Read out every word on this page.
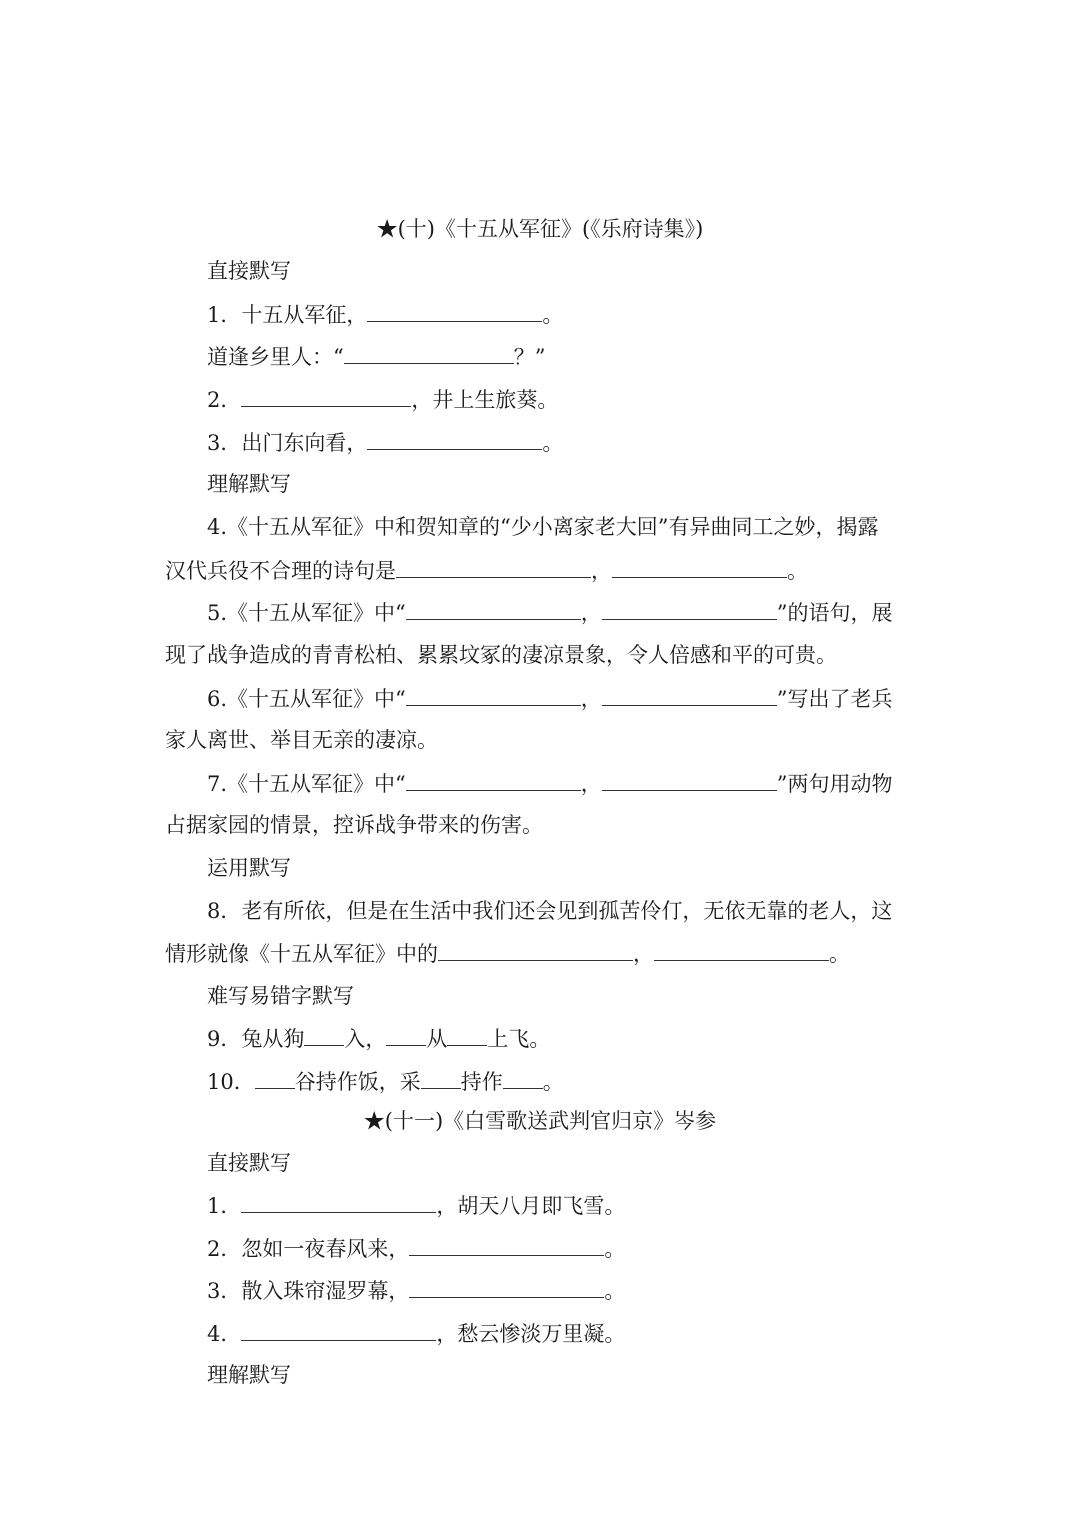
★(十)《十五从军征》(《乐府诗集》)
直接默写
1．十五从军征，	。
道逢乡里人：“	？”
2．	，井上生旅葵。
3．出门东向看，	。
理解默写
4.《十五从军征》中和贺知章的“少小离家老大回”有异曲同工之妙，揭露
汉代兵役不合理的诗句是	，	。
5.《十五从军征》中“	，	”的语句，展
现了战争造成的青青松柏、累累坟冢的凄凉景象，令人倍感和平的可贵。
6.《十五从军征》中“	，	”写出了老兵
家人离世、举目无亲的凄凉。
7.《十五从军征》中“	，	”两句用动物
占据家园的情景，控诉战争带来的伤害。
运用默写
8．老有所依，但是在生活中我们还会见到孤苦伶仃，无依无靠的老人，这
情形就像《十五从军征》中的	，	。
难写易错字默写
9．兔从狗 入， 从 上飞。
10． 谷持作饭，采 持作 。
★(十一)《白雪歌送武判官归京》岑参
直接默写
1．	，胡天八月即飞雪。
2．忽如一夜春风来，	。
3．散入珠帘湿罗幕，	。
4．	，愁云惨淡万里凝。
理解默写
